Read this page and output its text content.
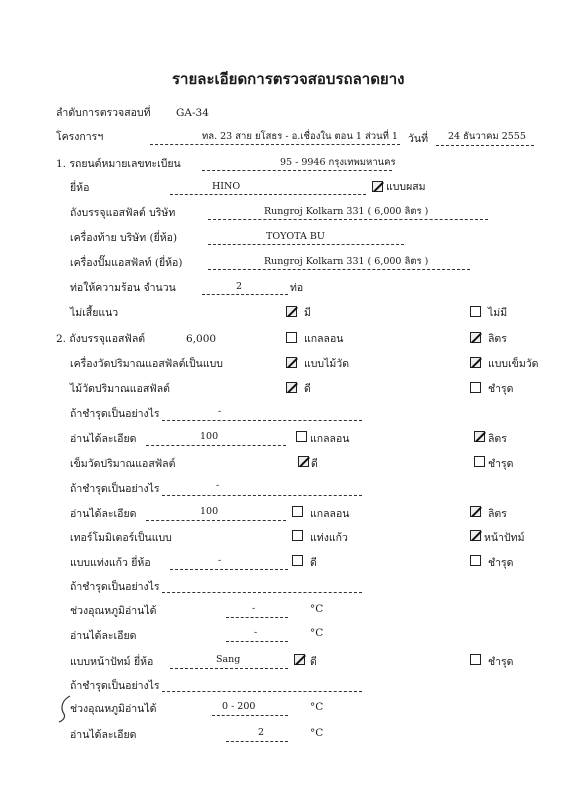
รายละเอียดการตรวจสอบรถลาดยาง
ลำดับการตรวจสอบที่ GA-34
โครงการฯ	ทล. 23 สาย ยโสธร - อ.เชื่องใน ตอน 1 ส่วนที่ 1 วันที่ 24 ธันวาคม 2555
1. รถยนต์หมายเลขทะเบียน	95 - 9946 กรุงเทพมหานคร
ยี่ห้อ	HINO	แบบผสม
ถังบรรจุแอสฟัลต์ บริษัท	Rungroj Kolkarn 331 ( 6,000 ลิตร )
เครื่องท้าย บริษัท (ยี่ห้อ)	TOYOTA BU
เครื่องปั๊มแอสฟัลท์ (ยี่ห้อ)	Rungroj Kolkarn 331 ( 6,000 ลิตร )
ท่อให้ความร้อน จำนวน	2	ท่อ
ไม่เสี้ยแนว	มี	ไม่มี
2. ถังบรรจุแอสฟัลต์	6,000	แกลลอน	ลิตร
เครื่องวัดปริมาณแอสฟัลต์เป็นแบบ	แบบไม้วัด	แบบเข็มวัด
ไม้วัดปริมาณแอสฟัลต์	ดี	ชำรุด
ถ้าชำรุดเป็นอย่างไร	-
อ่านได้ละเอียด	100	แกลลอน	ลิตร
เข็มวัดปริมาณแอสฟัลต์	ดี	ชำรุด
ถ้าชำรุดเป็นอย่างไร	-
อ่านได้ละเอียด	100	แกลลอน	ลิตร
เทอร์โมมิเตอร์เป็นแบบ	แท่งแก้ว	หน้าปัทม์
แบบแท่งแก้ว ยี่ห้อ	-	ดี	ชำรุด
ถ้าชำรุดเป็นอย่างไร
ช่วงอุณหภูมิอ่านได้	-	°C
อ่านได้ละเอียด	-	°C
แบบหน้าปัทม์ ยี่ห้อ	Sang	ดี	ชำรุด
ถ้าชำรุดเป็นอย่างไร
ช่วงอุณหภูมิอ่านได้	0 - 200	°C
อ่านได้ละเอียด	2	°C
